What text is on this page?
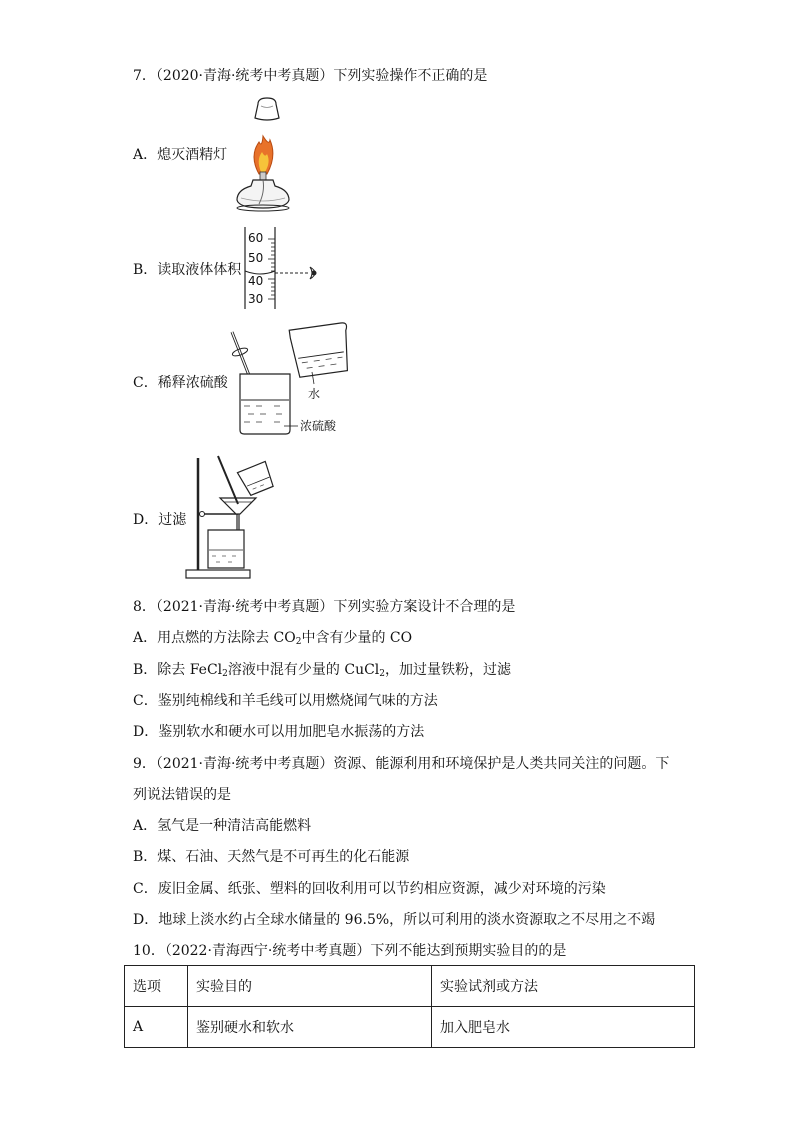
7．（2020·青海·统考中考真题）下列实验操作不正确的是
A．熄灭酒精灯
B．读取液体体积
60
50
40
30
C．稀释浓硫酸
水
浓硫酸
D．过滤
8．（2021·青海·统考中考真题）下列实验方案设计不合理的是
A．用点燃的方法除去 $CO_2$中含有少量的 CO
B．除去 FeCl$_2$溶液中混有少量的 CuCl$_2$，加过量铁粉，过滤
C．鉴别纯棉线和羊毛线可以用燃烧闻气味的方法
D．鉴别软水和硬水可以用加肥皂水振荡的方法
9．（2021·青海·统考中考真题）资源、能源利用和环境保护是人类共同关注的问题。下
列说法错误的是
A．氢气是一种清洁高能燃料
B．煤、石油、天然气是不可再生的化石能源
C．废旧金属、纸张、塑料的回收利用可以节约相应资源，减少对环境的污染
D．地球上淡水约占全球水储量的 96.5%，所以可利用的淡水资源取之不尽用之不竭
10．（2022·青海西宁·统考中考真题）下列不能达到预期实验目的的是
选项	实验目的	实验试剂或方法
A	鉴别硬水和软水	加入肥皂水
